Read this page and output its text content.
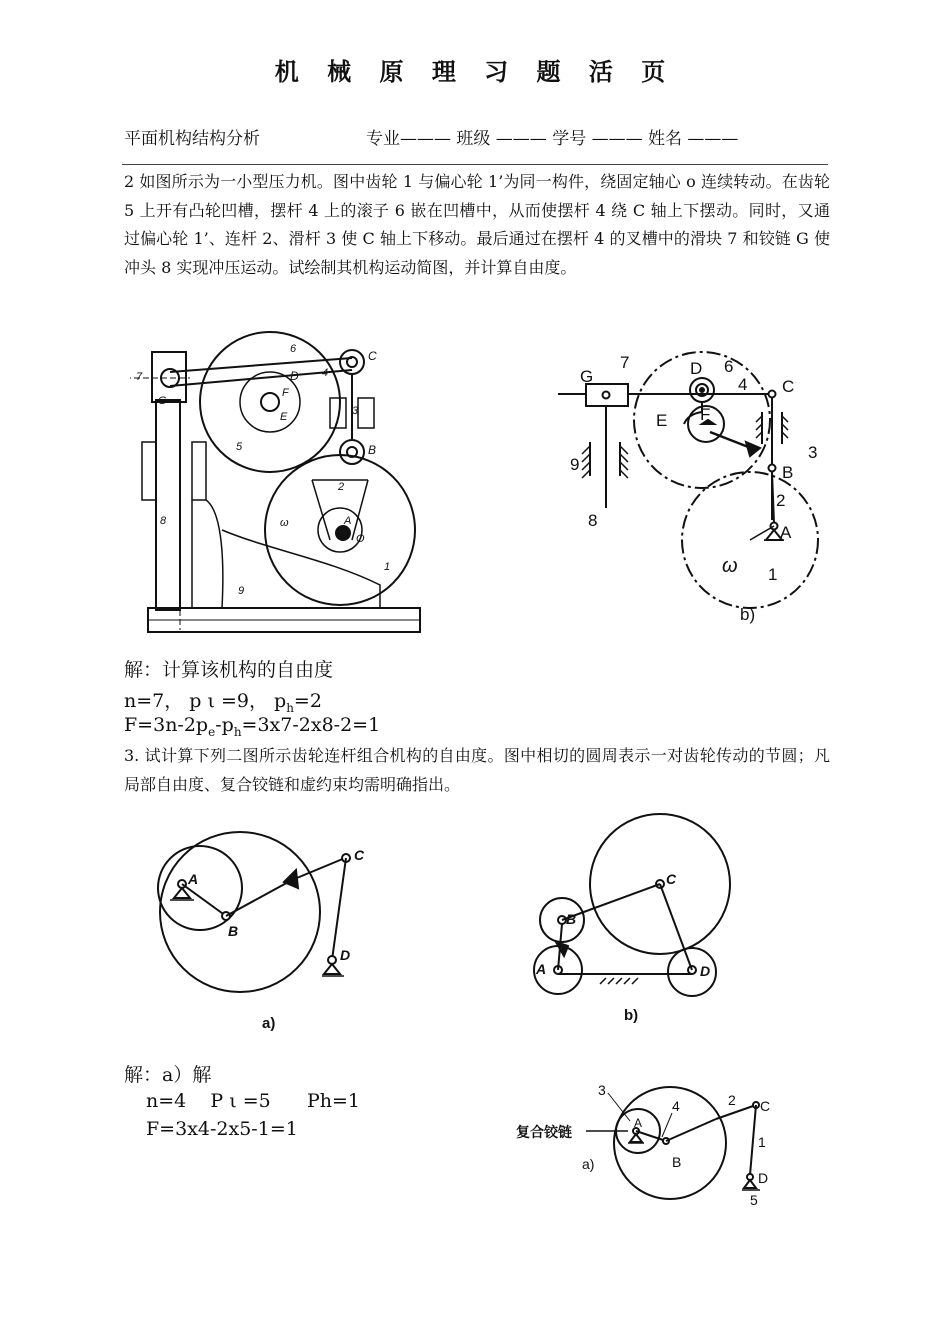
机 械 原 理 习 题 活 页
平面机构结构分析	专业——— 班级 ——— 学号 ——— 姓名 ———
2 如图所示为一小型压力机。图中齿轮 1 与偏心轮 1’为同一构件，绕固定轴心 o 连续转动。在齿轮 5 上开有凸轮凹槽，摆杆 4 上的滚子 6 嵌在凹槽中，从而使摆杆 4 绕 C 轴上下摆动。同时，又通过偏心轮 1’、连杆 2、滑杆 3 使 C 轴上下移动。最后通过在摆杆 4 的叉槽中的滑块 7 和铰链 G 使冲头 8 实现冲压运动。试绘制其机构运动简图，并计算自由度。
C
D
F
E
G
B
A
O
1
2
3
4
5
6
7
8
9
ω
G
7	D 6
4 C
E F
3
9	B
2
8
A
ω 1
b)
解：计算该机构的自由度
n=7， p ι =9， $p_h=2$
$F=3n-2p_e-p_h=3x7-2x8-2=1$
3. 试计算下列二图所示齿轮连杆组合机构的自由度。图中相切的圆周表示一对齿轮传动的节圆；凡局部自由度、复合铰链和虚约束均需明确指出。
A
B
C
D
a)
B
C
A	D
b)
解：a）解
n=4    P ι =5      Ph=1
F=3x4-2x5-1=1
3
A
4	2 C
复合铰链
1
a)	B
D
5
